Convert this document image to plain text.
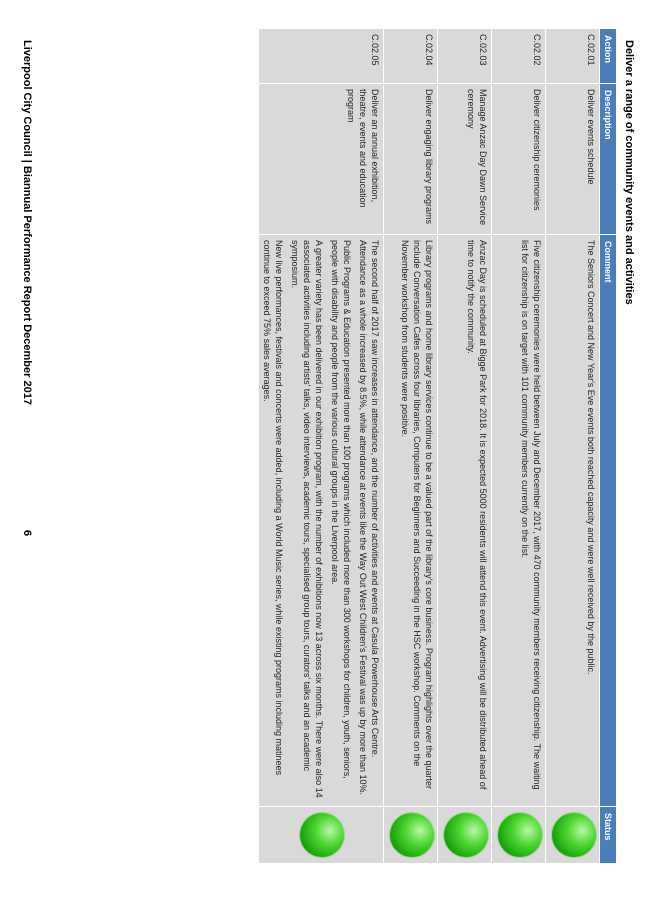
Deliver a range of community events and activities
Action	Description	Comment	Status
C.02.01	Deliver events schedule	The Seniors Concert and New Year's Eve events both reached capacity and were well received by the public.	

C.02.02	Deliver citizenship ceremonies	Five citizenship ceremonies were held between July and December 2017, with 470 community members receiving citizenship. The waiting list for citizenship is on target with 101 community members currently on the list.	

C.02.03	Manage Anzac Day Dawn Service ceremony	Anzac Day is scheduled at Bigge Park for 2018. It is expected 5000 residents will attend this event. Advertising will be distributed ahead of time to notify the community.	

C.02.04	Deliver engaging library programs	Library programs and home library services continue to be a valued part of the library's core business. Program highlights over the quarter include Conversation Cafes across four libraries, Computers for Beginners and Succeeding in the HSC workshop. Comments on the November workshop from students were positive.	

C.02.05	Deliver an annual exhibition, theatre, events and education program	The second half of 2017 saw increases in attendance, and the number of activities and events at Casula Powerhouse Arts Centre. Attendance as a whole increased by 8.5%, while attendance at events like the Way Out West Children's Festival was up by more than 10%.

Public Programs & Education presented more than 100 programs which included more than 300 workshops for children, youth, seniors, people with disability and people from the various cultural groups in the Liverpool area.

A greater variety has been delivered in our exhibition program, with the number of exhibitions now 13 across six months. There were also 14 associated activities including artists' talks, video interviews, academic tours, specialised group tours, curators' talks and an academic symposium.

New live performances, festivals and concerts were added, including a World Music series, while existing programs including matinees continue to exceed 75% sales averages.	

Liverpool City Council | Biannual Performance Report December 2017
6
